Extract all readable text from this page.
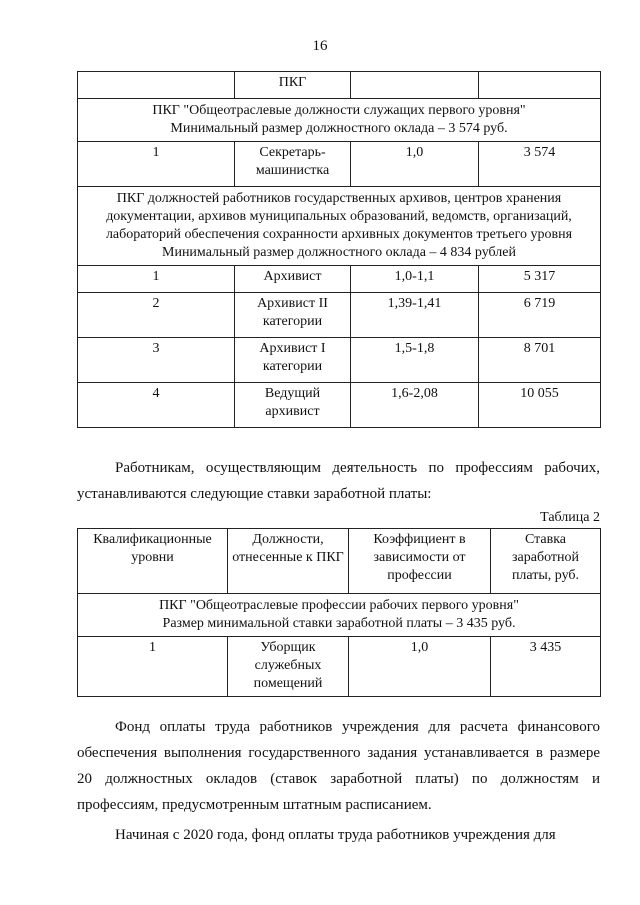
16
	ПКГ		

ПКГ "Общеотраслевые должности служащих первого уровня"
Минимальный размер должностного оклада – 3 574 руб.			

1	Секретарь-машинистка	1,0	3 574

ПКГ должностей работников государственных архивов, центров хранения документации, архивов муниципальных образований, ведомств, организаций, лабораторий обеспечения сохранности архивных документов третьего уровня
Минимальный размер должностного оклада – 4 834 рублей			

1	Архивист	1,0-1,1	5 317
2	Архивист II категории	1,39-1,41	6 719
3	Архивист I категории	1,5-1,8	8 701
4	Ведущий архивист	1,6-2,08	10 055

Работникам, осуществляющим деятельность по профессиям рабочих, устанавливаются следующие ставки заработной платы:

Таблица 2
Квалификационные уровни	Должности, отнесенные к ПКГ	Коэффициент в зависимости от профессии	Ставка заработной платы, руб.

ПКГ "Общеотраслевые профессии рабочих первого уровня"
Размер минимальной ставки заработной платы – 3 435 руб.			

1	Уборщик служебных помещений	1,0	3 435

Фонд оплаты труда работников учреждения для расчета финансового обеспечения выполнения государственного задания устанавливается в размере 20 должностных окладов (ставок заработной платы) по должностям и профессиям, предусмотренным штатным расписанием.

Начиная с 2020 года, фонд оплаты труда работников учреждения для
